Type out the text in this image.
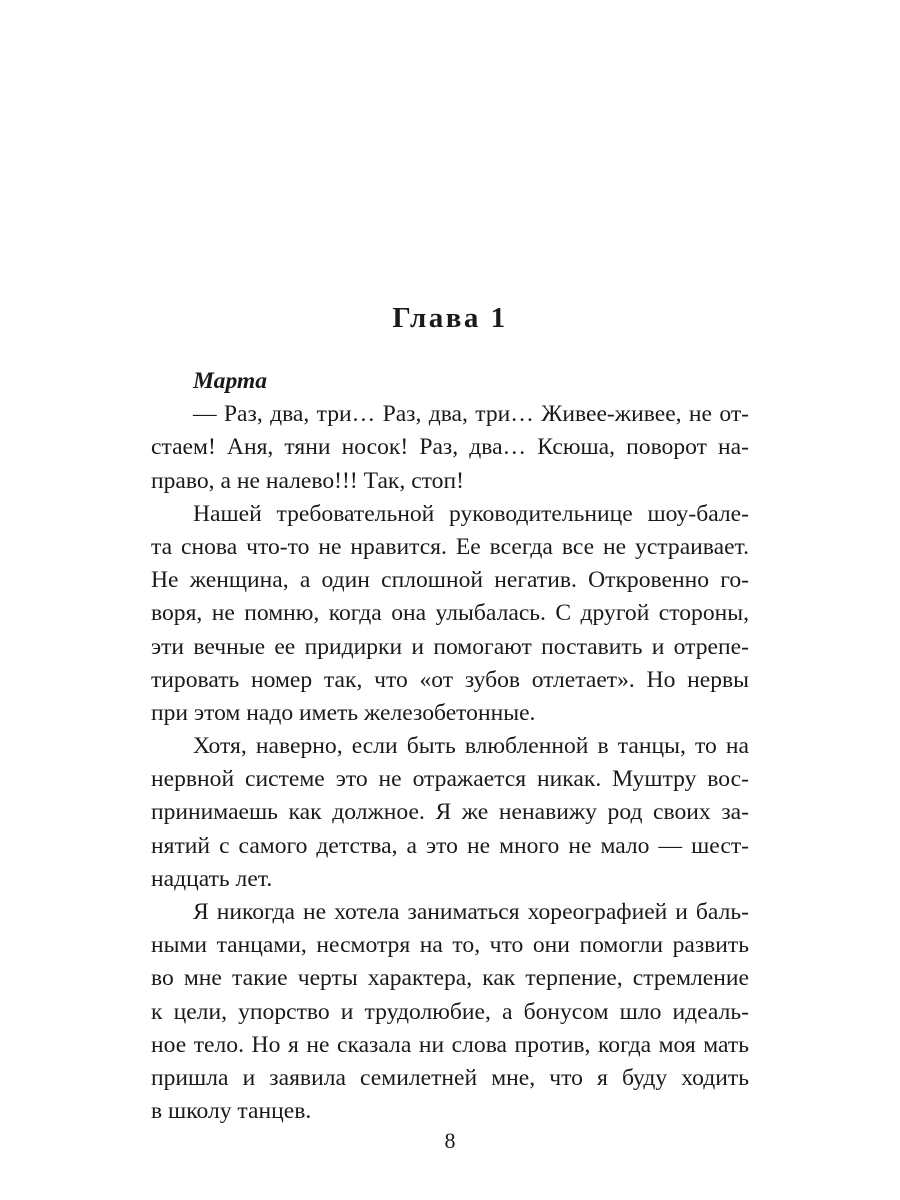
Глава 1
Марта
— Раз, два, три… Раз, два, три… Живее-живее, не от-
стаем! Аня, тяни носок! Раз, два… Ксюша, поворот на-
право, а не налево!!! Так, стоп!
Нашей требовательной руководительнице шоу-бале-
та снова что-то не нравится. Ее всегда все не устраивает.
Не женщина, а один сплошной негатив. Откровенно го-
воря, не помню, когда она улыбалась. С другой стороны,
эти вечные ее придирки и помогают поставить и отрепе-
тировать номер так, что «от зубов отлетает». Но нервы
при этом надо иметь железобетонные.
Хотя, наверно, если быть влюбленной в танцы, то на
нервной системе это не отражается никак. Муштру вос-
принимаешь как должное. Я же ненавижу род своих за-
нятий с самого детства, а это не много не мало — шест-
надцать лет.
Я никогда не хотела заниматься хореографией и баль-
ными танцами, несмотря на то, что они помогли развить
во мне такие черты характера, как терпение, стремление
к цели, упорство и трудолюбие, а бонусом шло идеаль-
ное тело. Но я не сказала ни слова против, когда моя мать
пришла и заявила семилетней мне, что я буду ходить
в школу танцев.

8
